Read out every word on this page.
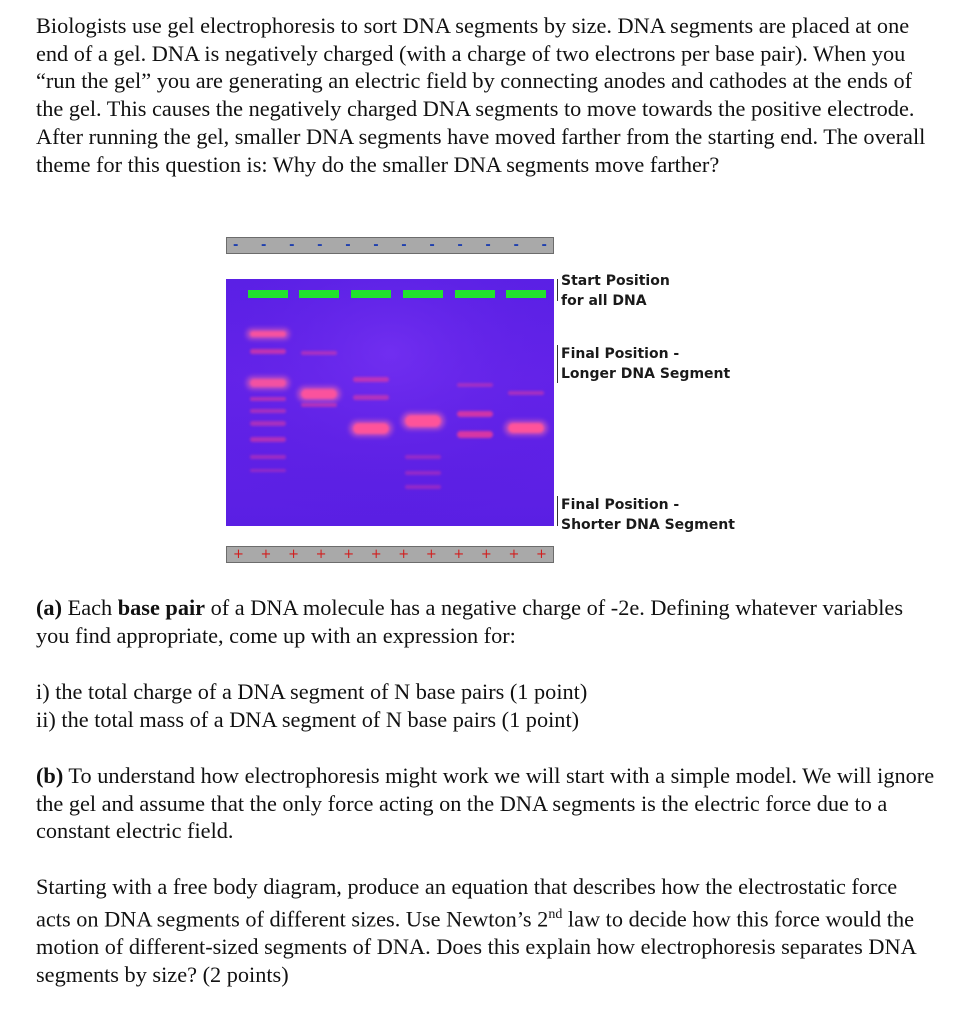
Biologists use gel electrophoresis to sort DNA segments by size. DNA segments are placed at one end of a gel. DNA is negatively charged (with a charge of two electrons per base pair). When you “run the gel” you are generating an electric field by connecting anodes and cathodes at the ends of the gel. This causes the negatively charged DNA segments to move towards the positive electrode. After running the gel, smaller DNA segments have moved farther from the starting end. The overall theme for this question is: Why do the smaller DNA segments move farther?
- - - - - - - - - - - -
+ + + + + + + + + + + +
Start Position
for all DNA
Final Position -
Longer DNA Segment
Final Position -
Shorter DNA Segment
(a) Each base pair of a DNA molecule has a negative charge of -2e. Defining whatever variables you find appropriate, come up with an expression for:
i) the total charge of a DNA segment of N base pairs (1 point)
ii) the total mass of a DNA segment of N base pairs (1 point)
(b) To understand how electrophoresis might work we will start with a simple model. We will ignore the gel and assume that the only force acting on the DNA segments is the electric force due to a constant electric field.
Starting with a free body diagram, produce an equation that describes how the electrostatic force acts on DNA segments of different sizes. Use Newton’s 2nd law to decide how this force would the motion of different-sized segments of DNA. Does this explain how electrophoresis separates DNA segments by size? (2 points)
